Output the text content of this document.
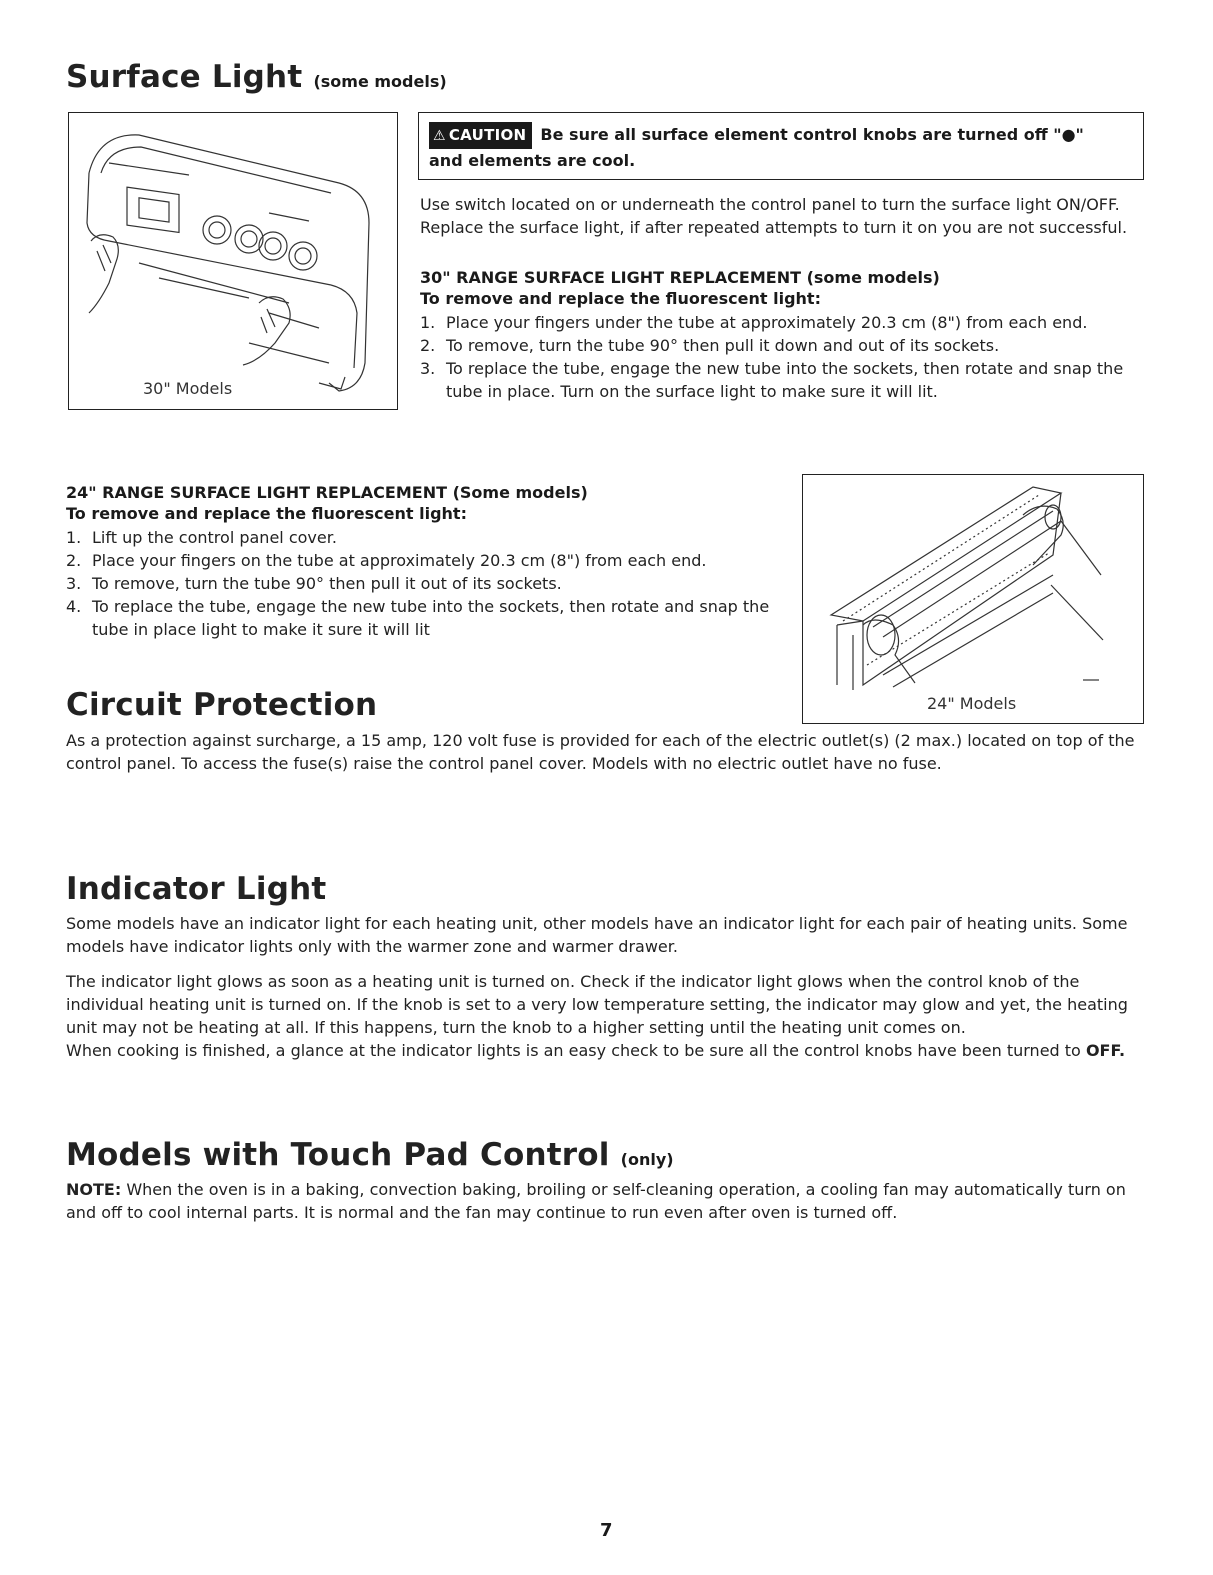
Surface Light (some models)
30" Models
⚠ CAUTION Be sure all surface element control knobs are turned off "●"
and elements are cool.

Use switch located on or underneath the control panel to turn the surface light ON/OFF.

Replace the surface light, if after repeated attempts to turn it on you are not successful.

30" RANGE SURFACE LIGHT REPLACEMENT (some models)
To remove and replace the fluorescent light:
1. Place your fingers under the tube at approximately 20.3 cm (8") from each end.
2. To remove, turn the tube 90° then pull it down and out of its sockets.
3. To replace the tube, engage the new tube into the sockets, then rotate and snap the tube in place. Turn on the surface light to make sure it will lit.
24" RANGE SURFACE LIGHT REPLACEMENT (Some models)
To remove and replace the fluorescent light:
1. Lift up the control panel cover.
2. Place your fingers on the tube at approximately 20.3 cm (8") from each end.
3. To remove, turn the tube 90° then pull it out of its sockets.
4. To replace the tube, engage the new tube into the sockets, then rotate and snap the tube in place light to make it sure it will lit
24" Models
Circuit Protection

As a protection against surcharge, a 15 amp, 120 volt fuse is provided for each of the electric outlet(s) (2 max.) located on top of the control panel. To access the fuse(s) raise the control panel cover. Models with no electric outlet have no fuse.

Indicator Light

Some models have an indicator light for each heating unit, other models have an indicator light for each pair of heating units. Some models have indicator lights only with the warmer zone and warmer drawer.

The indicator light glows as soon as a heating unit is turned on. Check if the indicator light glows when the control knob of the individual heating unit is turned on. If the knob is set to a very low temperature setting, the indicator may glow and yet, the heating unit may not be heating at all. If this happens, turn the knob to a higher setting until the heating unit comes on.

When cooking is finished, a glance at the indicator lights is an easy check to be sure all the control knobs have been turned to OFF.

Models with Touch Pad Control (only)

NOTE: When the oven is in a baking, convection baking, broiling or self-cleaning operation, a cooling fan may automatically turn on and off to cool internal parts. It is normal and the fan may continue to run even after oven is turned off.

7
